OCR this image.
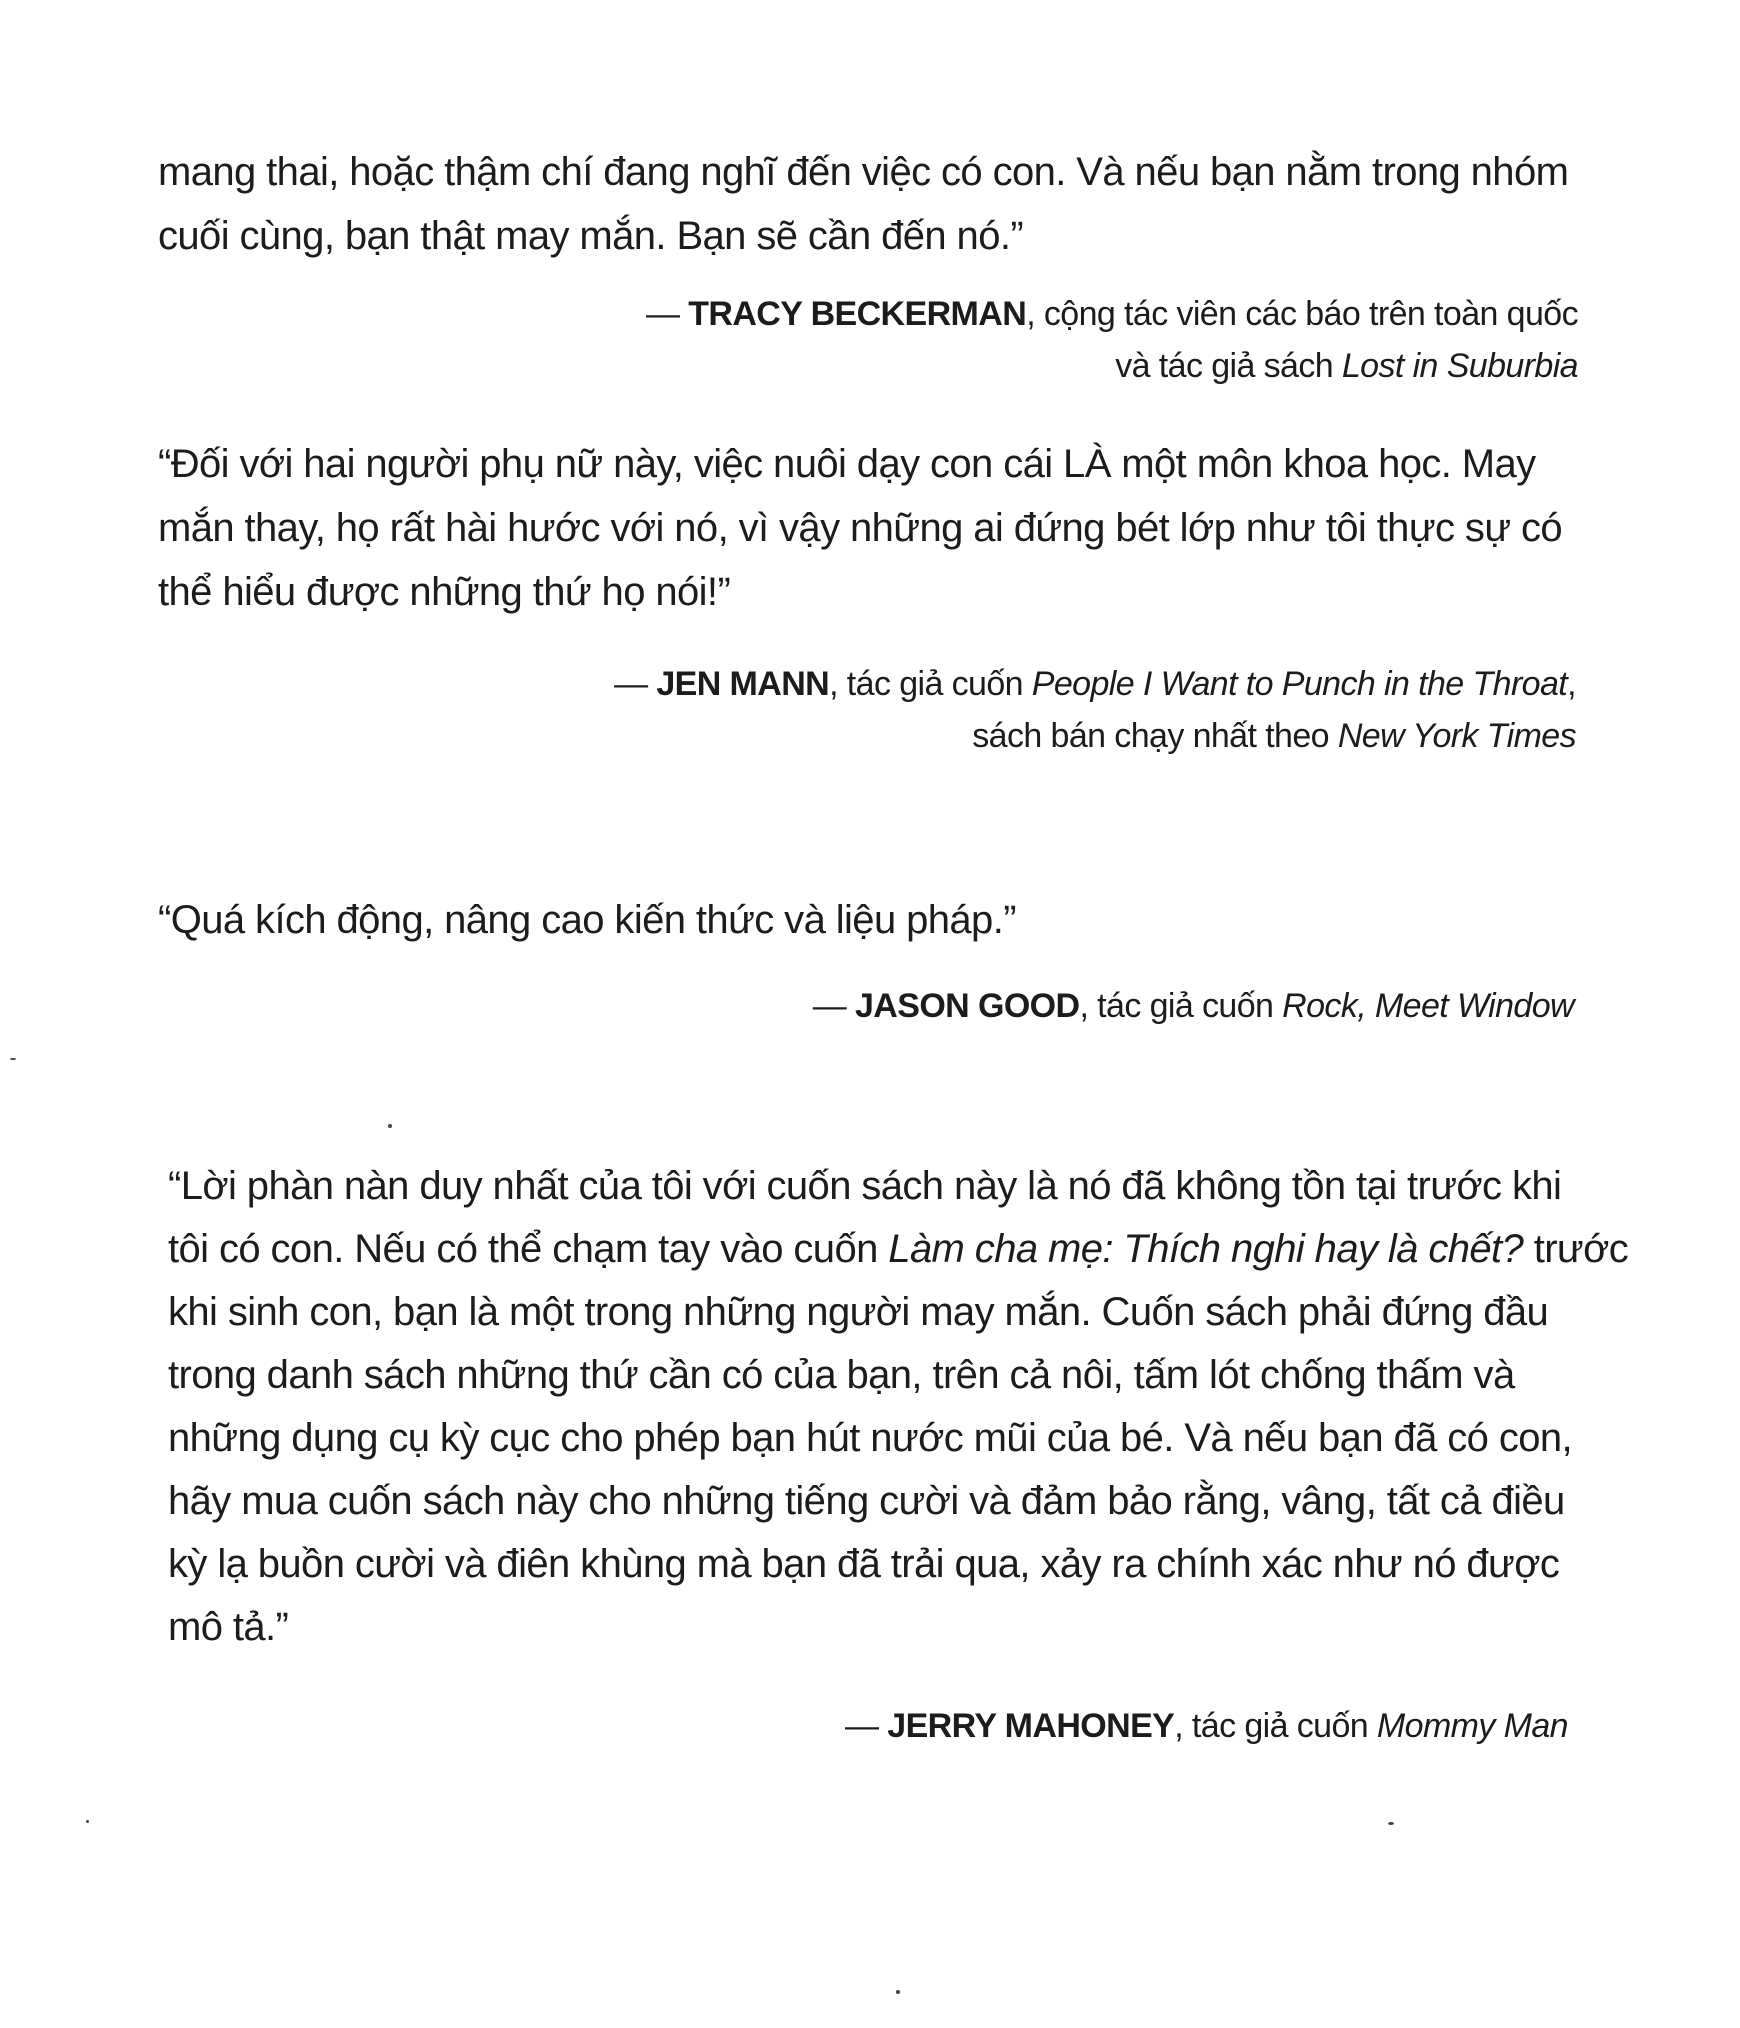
mang thai, hoặc thậm chí đang nghĩ đến việc có con. Và nếu bạn nằm trong nhóm
cuối cùng, bạn thật may mắn. Bạn sẽ cần đến nó.”
— TRACY BECKERMAN, cộng tác viên các báo trên toàn quốc
và tác giả sách Lost in Suburbia
“Đối với hai người phụ nữ này, việc nuôi dạy con cái LÀ một môn khoa học. May
mắn thay, họ rất hài hước với nó, vì vậy những ai đứng bét lớp như tôi thực sự có
thể hiểu được những thứ họ nói!”
— JEN MANN, tác giả cuốn People I Want to Punch in the Throat,
sách bán chạy nhất theo New York Times
“Quá kích động, nâng cao kiến thức và liệu pháp.”
— JASON GOOD, tác giả cuốn Rock, Meet Window
“Lời phàn nàn duy nhất của tôi với cuốn sách này là nó đã không tồn tại trước khi
tôi có con. Nếu có thể chạm tay vào cuốn Làm cha mẹ: Thích nghi hay là chết? trước
khi sinh con, bạn là một trong những người may mắn. Cuốn sách phải đứng đầu
trong danh sách những thứ cần có của bạn, trên cả nôi, tấm lót chống thấm và
những dụng cụ kỳ cục cho phép bạn hút nước mũi của bé. Và nếu bạn đã có con,
hãy mua cuốn sách này cho những tiếng cười và đảm bảo rằng, vâng, tất cả điều
kỳ lạ buồn cười và điên khùng mà bạn đã trải qua, xảy ra chính xác như nó được
mô tả.”
— JERRY MAHONEY, tác giả cuốn Mommy Man
